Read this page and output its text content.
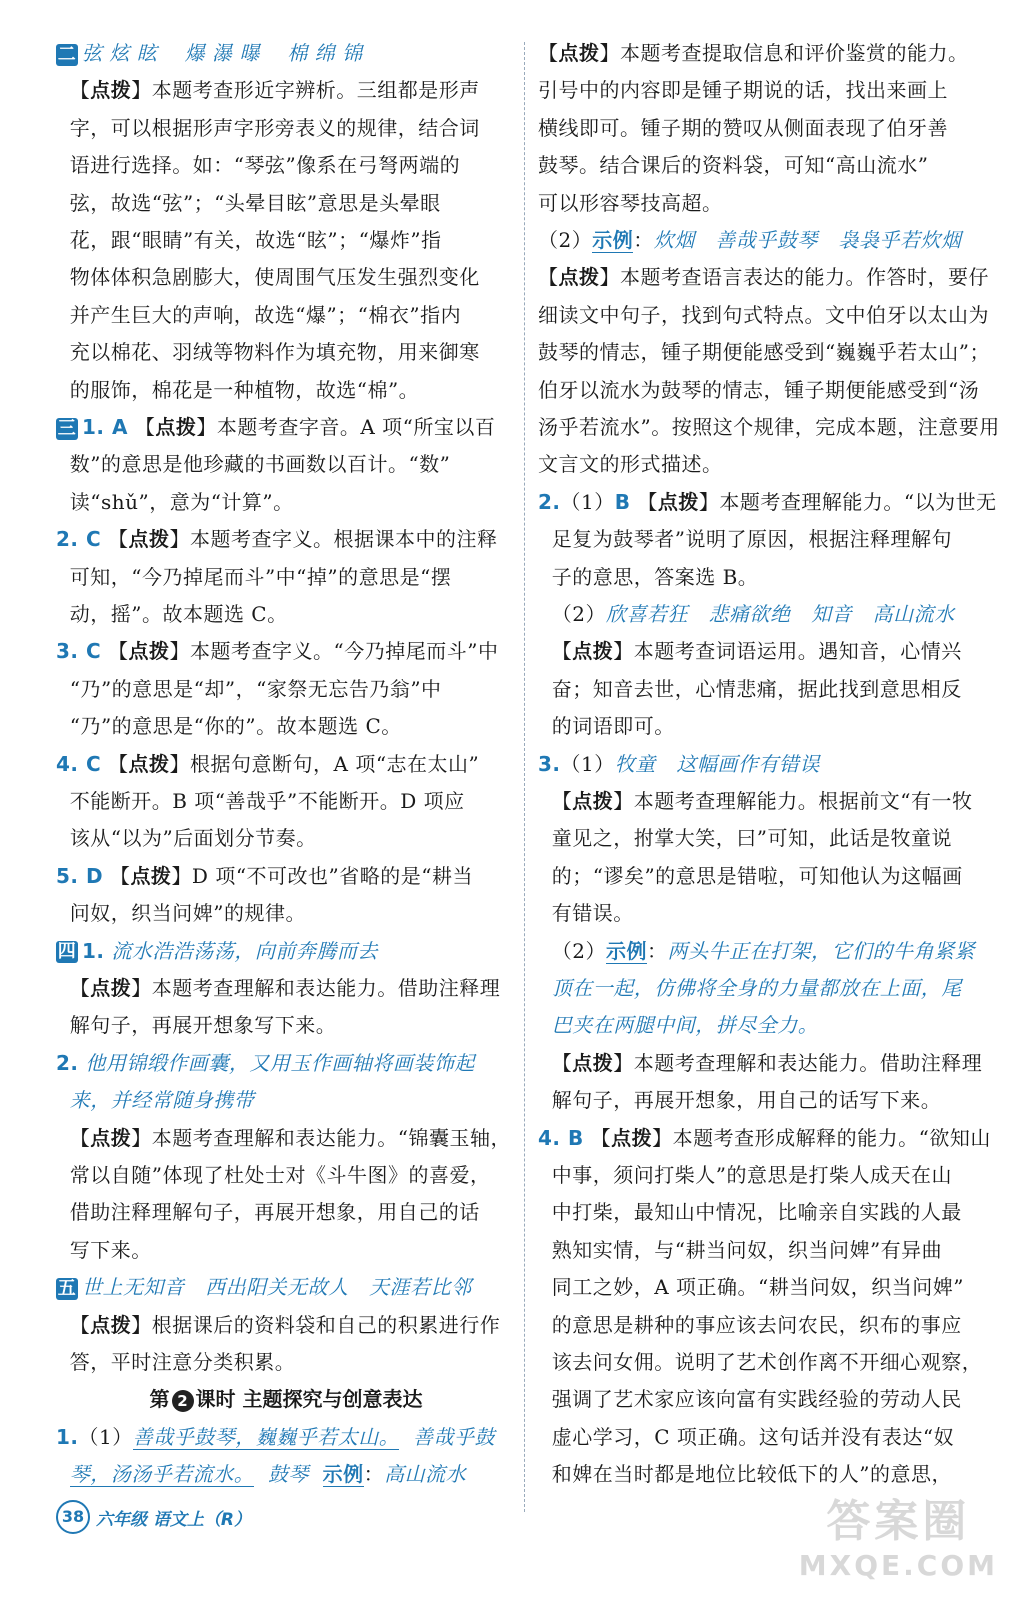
二 弦 炫 眩    爆 瀑 曝    棉 绵 锦
【点拨】本题考查形近字辨析。三组都是形声
字，可以根据形声字形旁表义的规律，结合词
语进行选择。如：“琴弦”像系在弓弩两端的
弦，故选“弦”；“头晕目眩”意思是头晕眼
花，跟“眼睛”有关，故选“眩”；“爆炸”指
物体体积急剧膨大，使周围气压发生强烈变化
并产生巨大的声响，故选“爆”；“棉衣”指内
充以棉花、羽绒等物料作为填充物，用来御寒
的服饰，棉花是一种植物，故选“棉”。
三 1. A 【点拨】本题考查字音。A 项“所宝以百
数”的意思是他珍藏的书画数以百计。“数”
读“shǔ”，意为“计算”。
2. C 【点拨】本题考查字义。根据课本中的注释
可知，“今乃掉尾而斗”中“掉”的意思是“摆
动，摇”。故本题选 C。
3. C 【点拨】本题考查字义。“今乃掉尾而斗”中
“乃”的意思是“却”，“家祭无忘告乃翁”中
“乃”的意思是“你的”。故本题选 C。
4. C 【点拨】根据句意断句，A 项“志在太山”
不能断开。B 项“善哉乎”不能断开。D 项应
该从“以为”后面划分节奏。
5. D 【点拨】D 项“不可改也”省略的是“耕当
问奴，织当问婢”的规律。
四 1. 流水浩浩荡荡，向前奔腾而去
【点拨】本题考查理解和表达能力。借助注释理
解句子，再展开想象写下来。
2. 他用锦缎作画囊，又用玉作画轴将画装饰起
来，并经常随身携带
【点拨】本题考查理解和表达能力。“锦囊玉轴，
常以自随”体现了杜处士对《斗牛图》的喜爱，
借助注释理解句子，再展开想象，用自己的话
写下来。
五 世上无知音   西出阳关无故人   天涯若比邻
【点拨】根据课后的资料袋和自己的积累进行作
答，平时注意分类积累。
第 2 课时 主题探究与创意表达
1.（1）善哉乎鼓琴，巍巍乎若太山。 善哉乎鼓
琴，汤汤乎若流水。 鼓琴 示例：高山流水
【点拨】本题考查提取信息和评价鉴赏的能力。
引号中的内容即是锺子期说的话，找出来画上
横线即可。锺子期的赞叹从侧面表现了伯牙善
鼓琴。结合课后的资料袋，可知“高山流水”
可以形容琴技高超。
（2）示例：炊烟   善哉乎鼓琴   袅袅乎若炊烟
【点拨】本题考查语言表达的能力。作答时，要仔
细读文中句子，找到句式特点。文中伯牙以太山为
鼓琴的情志，锺子期便能感受到“巍巍乎若太山”；
伯牙以流水为鼓琴的情志，锺子期便能感受到“汤
汤乎若流水”。按照这个规律，完成本题，注意要用
文言文的形式描述。
2.（1）B 【点拨】本题考查理解能力。“以为世无
足复为鼓琴者”说明了原因，根据注释理解句
子的意思，答案选 B。
（2）欣喜若狂   悲痛欲绝   知音   高山流水
【点拨】本题考查词语运用。遇知音，心情兴
奋；知音去世，心情悲痛，据此找到意思相反
的词语即可。
3.（1）牧童   这幅画作有错误
【点拨】本题考查理解能力。根据前文“有一牧
童见之，拊掌大笑，曰”可知，此话是牧童说
的；“谬矣”的意思是错啦，可知他认为这幅画
有错误。
（2）示例：两头牛正在打架，它们的牛角紧紧
顶在一起，仿佛将全身的力量都放在上面，尾
巴夹在两腿中间，拼尽全力。
【点拨】本题考查理解和表达能力。借助注释理
解句子，再展开想象，用自己的话写下来。
4. B 【点拨】本题考查形成解释的能力。“欲知山
中事，须问打柴人”的意思是打柴人成天在山
中打柴，最知山中情况，比喻亲自实践的人最
熟知实情，与“耕当问奴，织当问婢”有异曲
同工之妙，A 项正确。“耕当问奴，织当问婢”
的意思是耕种的事应该去问农民，织布的事应
该去问女佣。说明了艺术创作离不开细心观察，
强调了艺术家应该向富有实践经验的劳动人民
虚心学习，C 项正确。这句话并没有表达“奴
和婢在当时都是地位比较低下的人”的意思，
38 六年级 语文上（R）	答案圈
MXQE.COM
